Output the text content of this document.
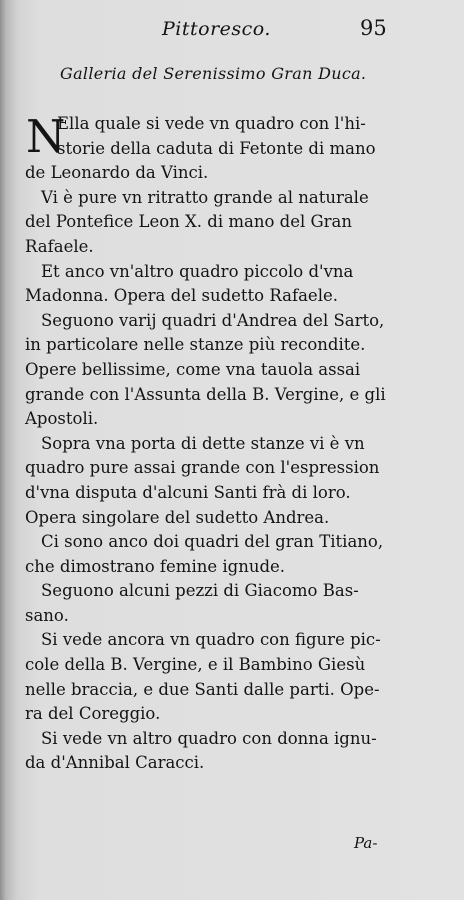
Pittoresco.	95
Galleria del Serenissimo Gran Duca.
N
Ella quale si vede vn quadro con l'hi-
storie della caduta di Fetonte di mano
de Leonardo da Vinci.
Vi è pure vn ritratto grande al naturale
del Pontefice Leon X. di mano del Gran
Rafaele.
Et anco vn'altro quadro piccolo d'vna
Madonna. Opera del sudetto Rafaele.
Seguono varij quadri d'Andrea del Sarto,
in particolare nelle stanze più recondite.
Opere bellissime, come vna tauola assai
grande con l'Assunta della B. Vergine, e gli
Apostoli.
Sopra vna porta di dette stanze vi è vn
quadro pure assai grande con l'espression
d'vna disputa d'alcuni Santi frà di loro.
Opera singolare del sudetto Andrea.
Ci sono anco doi quadri del gran Titiano,
che dimostrano femine ignude.
Seguono alcuni pezzi di Giacomo Bas-
sano.
Si vede ancora vn quadro con figure pic-
cole della B. Vergine, e il Bambino Giesù
nelle braccia, e due Santi dalle parti. Ope-
ra del Coreggio.
Si vede vn altro quadro con donna ignu-
da d'Annibal Caracci.
Pa-
